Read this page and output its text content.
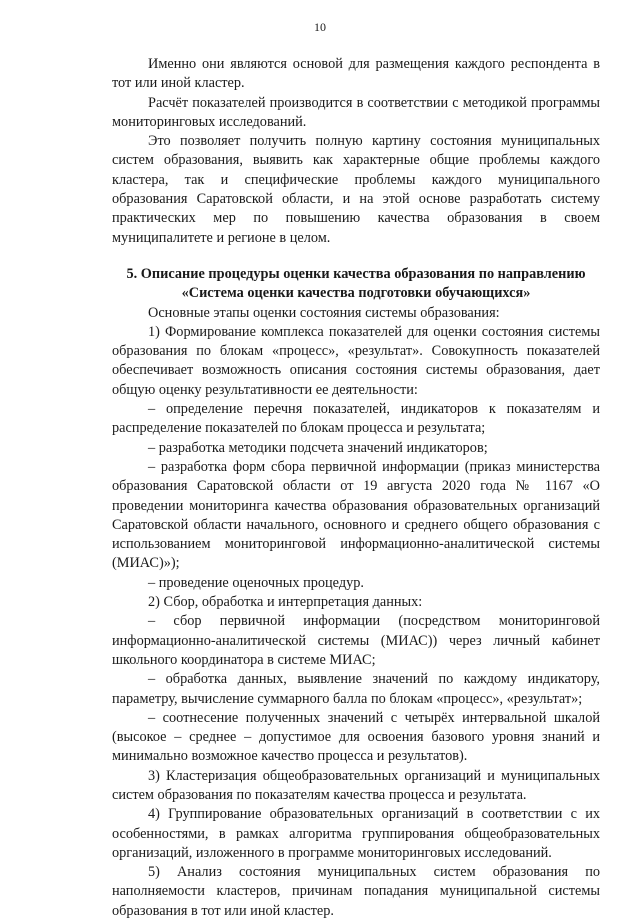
10

Именно они являются основой для размещения каждого респондента в тот или иной кластер.

Расчёт показателей производится в соответствии с методикой программы мониторинговых исследований.

Это позволяет получить полную картину состояния муниципальных систем образования, выявить как характерные общие проблемы каждого кластера, так и специфические проблемы каждого муниципального образования Саратовской области, и на этой основе разработать систему практических мер по повышению качества образования в своем муниципалитете и регионе в целом.

5. Описание процедуры оценки качества образования по направлению
«Система оценки качества подготовки обучающихся»

Основные этапы оценки состояния системы образования:

1) Формирование комплекса показателей для оценки состояния системы образования по блокам «процесс», «результат». Совокупность показателей обеспечивает возможность описания состояния системы образования, дает общую оценку результативности ее деятельности:

– определение перечня показателей, индикаторов к показателям и распределение показателей по блокам процесса и результата;

– разработка методики подсчета значений индикаторов;

– разработка форм сбора первичной информации (приказ министерства образования Саратовской области от 19 августа 2020 года № 1167 «О проведении мониторинга качества образования образовательных организаций Саратовской области начального, основного и среднего общего образования с использованием мониторинговой информационно-аналитической системы (МИАС)»);

– проведение оценочных процедур.

2) Сбор, обработка и интерпретация данных:

– сбор первичной информации (посредством мониторинговой информационно-аналитической системы (МИАС)) через личный кабинет школьного координатора в системе МИАС;

– обработка данных, выявление значений по каждому индикатору, параметру, вычисление суммарного балла по блокам «процесс», «результат»;

– соотнесение полученных значений с четырёх интервальной шкалой (высокое – среднее – допустимое для освоения базового уровня знаний и минимально возможное качество процесса и результатов).

3) Кластеризация общеобразовательных организаций и муниципальных систем образования по показателям качества процесса и результата.

4) Группирование образовательных организаций в соответствии с их особенностями, в рамках алгоритма группирования общеобразовательных организаций, изложенного в программе мониторинговых исследований.

5) Анализ состояния муниципальных систем образования по наполняемости кластеров, причинам попадания муниципальной системы образования в тот или иной кластер.
